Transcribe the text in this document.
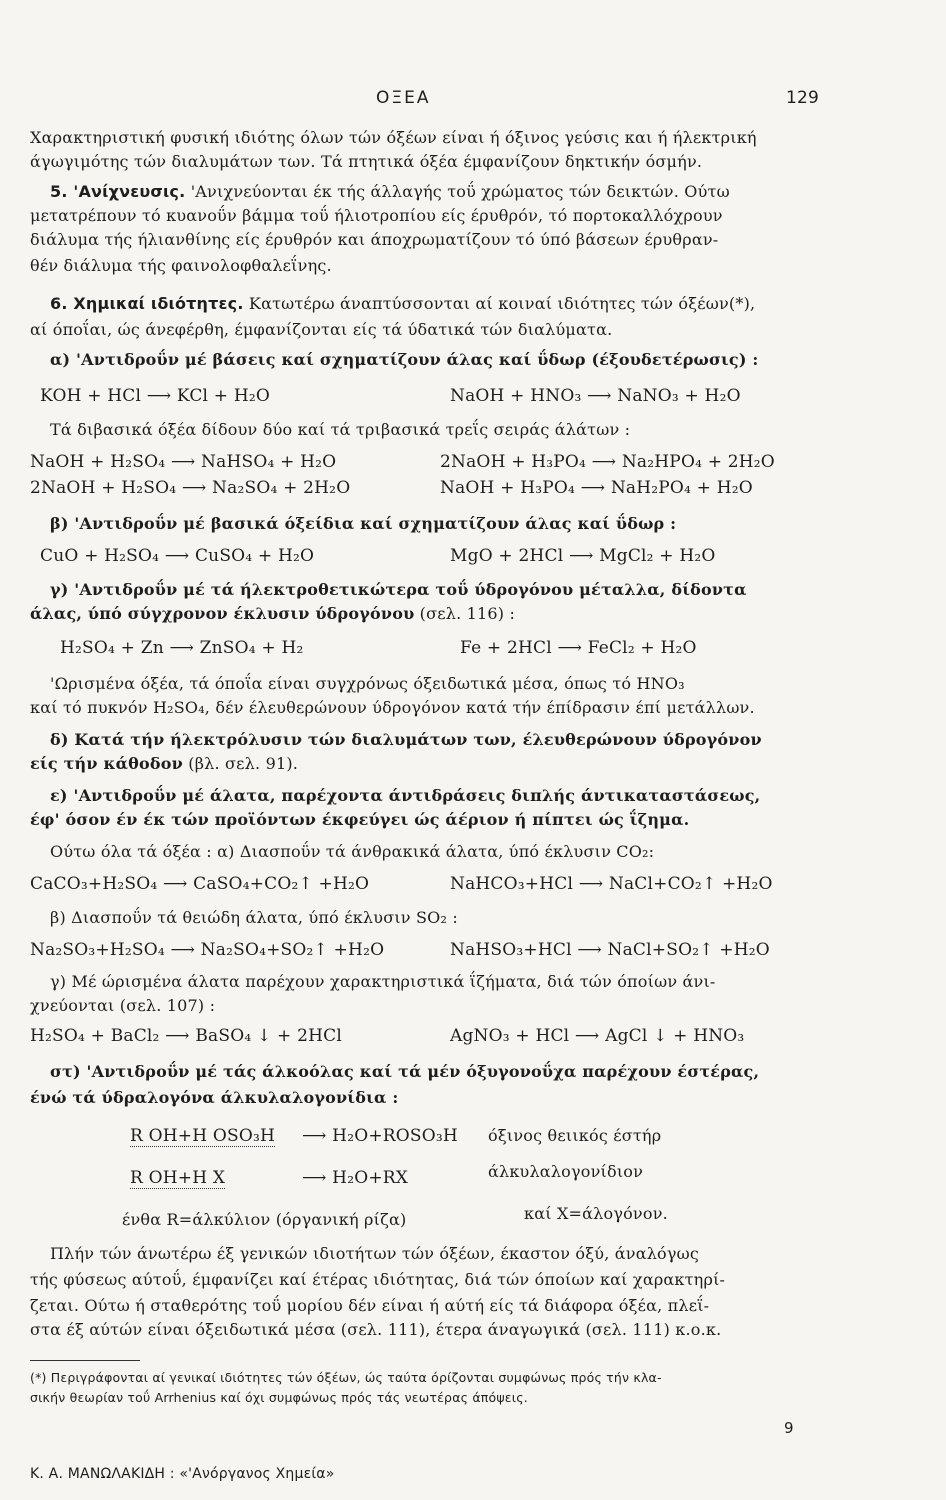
ΟΞΕΑ	129
Χαρακτηριστική φυσική ιδιότης όλων τών όξέων είναι ή όξινος γεύσις και ή ήλεκτρική
άγωγιμότης τών διαλυμάτων των. Τά πτητικά όξέα έμφανίζουν δηκτικήν όσμήν.
5. 'Ανίχνευσις. 'Ανιχνεύονται έκ τής άλλαγής τοΰ χρώματος τών δεικτών. Ούτω
μετατρέπουν τό κυανοΰν βάμμα τοΰ ήλιοτροπίου είς έρυθρόν, τό πορτοκαλλόχρουν
διάλυμα τής ήλιανθίνης είς έρυθρόν και άποχρωματίζουν τό ύπό βάσεων έρυθραν-
θέν διάλυμα τής φαινολοφθαλεΐνης.
6. Χημικαί ιδιότητες. Κατωτέρω άναπτύσσονται αί κοιναί ιδιότητες τών όξέων(*),
αί όποΐαι, ώς άνεφέρθη, έμφανίζονται είς τά ύδατικά τών διαλύματα.
α) 'Αντιδροΰν μέ βάσεις καί σχηματίζουν άλας καί ΰδωρ (έξουδετέρωσις) :
KOH + HCl ⟶ KCl + H₂O	NaOH + HNO₃ ⟶ NaNO₃ + H₂O
Τά διβασικά όξέα δίδουν δύο καί τά τριβασικά τρεΐς σειράς άλάτων :
NaOH + H₂SO₄ ⟶ NaHSO₄ + H₂O	2NaOH + H₃PO₄ ⟶ Na₂HPO₄ + 2H₂O
2NaOH + H₂SO₄ ⟶ Na₂SO₄ + 2H₂O	NaOH + H₃PO₄ ⟶ NaH₂PO₄ + H₂O
β) 'Αντιδροΰν μέ βασικά όξείδια καί σχηματίζουν άλας καί ΰδωρ :
CuO + H₂SO₄ ⟶ CuSO₄ + H₂O	MgO + 2HCl ⟶ MgCl₂ + H₂O
γ) 'Αντιδροΰν μέ τά ήλεκτροθετικώτερα τοΰ ύδρογόνου μέταλλα, δίδοντα
άλας, ύπό σύγχρονον έκλυσιν ύδρογόνου (σελ. 116) :
H₂SO₄ + Zn ⟶ ZnSO₄ + H₂	Fe + 2HCl ⟶ FeCl₂ + H₂O
'Ωρισμένα όξέα, τά όποΐα είναι συγχρόνως όξειδωτικά μέσα, όπως τό HNO₃
καί τό πυκνόν H₂SO₄, δέν έλευθερώνουν ύδρογόνον κατά τήν έπίδρασιν έπί μετάλλων.
δ) Κατά τήν ήλεκτρόλυσιν τών διαλυμάτων των, έλευθερώνουν ύδρογόνον
είς τήν κάθοδον (βλ. σελ. 91).
ε) 'Αντιδροΰν μέ άλατα, παρέχοντα άντιδράσεις διπλής άντικαταστάσεως,
έφ' όσον έν έκ τών προϊόντων έκφεύγει ώς άέριον ή πίπτει ώς ΐζημα.
Ούτω όλα τά όξέα : α) Διασποΰν τά άνθρακικά άλατα, ύπό έκλυσιν CO₂:
CaCO₃+H₂SO₄ ⟶ CaSO₄+CO₂↑ +H₂O	NaHCO₃+HCl ⟶ NaCl+CO₂↑ +H₂O
β) Διασποΰν τά θειώδη άλατα, ύπό έκλυσιν SO₂ :
Na₂SO₃+H₂SO₄ ⟶ Na₂SO₄+SO₂↑ +H₂O	NaHSO₃+HCl ⟶ NaCl+SO₂↑ +H₂O
γ) Μέ ώρισμένα άλατα παρέχουν χαρακτηριστικά ΐζήματα, διά τών όποίων άνι-
χνεύονται (σελ. 107) :
H₂SO₄ + BaCl₂ ⟶ BaSO₄ ↓ + 2HCl	AgNO₃ + HCl ⟶ AgCl ↓ + HNO₃
στ) 'Αντιδροΰν μέ τάς άλκοόλας καί τά μέν όξυγονοΰχα παρέχουν έστέρας,
ένώ τά ύδραλογόνα άλκυλαλογονίδια :
R OH+H OSO₃H ⟶ H₂O+ROSO₃H όξινος θειικός έστήρ
R OH+H X	⟶ H₂O+RX	άλκυλαλογονίδιον
ένθα R=άλκύλιον (όργανική ρίζα)	καί X=άλογόνον.
Πλήν τών άνωτέρω έξ γενικών ιδιοτήτων τών όξέων, έκαστον όξύ, άναλόγως
τής φύσεως αύτοΰ, έμφανίζει καί έτέρας ιδιότητας, διά τών όποίων καί χαρακτηρί-
ζεται. Ούτω ή σταθερότης τοΰ μορίου δέν είναι ή αύτή είς τά διάφορα όξέα, πλεΐ-
στα έξ αύτών είναι όξειδωτικά μέσα (σελ. 111), έτερα άναγωγικά (σελ. 111) κ.ο.κ.
(*) Περιγράφονται αί γενικαί ιδιότητες τών όξέων, ώς ταύτα όρίζονται συμφώνως πρός τήν κλα-
σικήν θεωρίαν τοΰ Arrhenius καί όχι συμφώνως πρός τάς νεωτέρας άπόψεις.
9
Κ. Α. ΜΑΝΩΛΑΚΙΔΗ : «'Ανόργανος Χημεία»
